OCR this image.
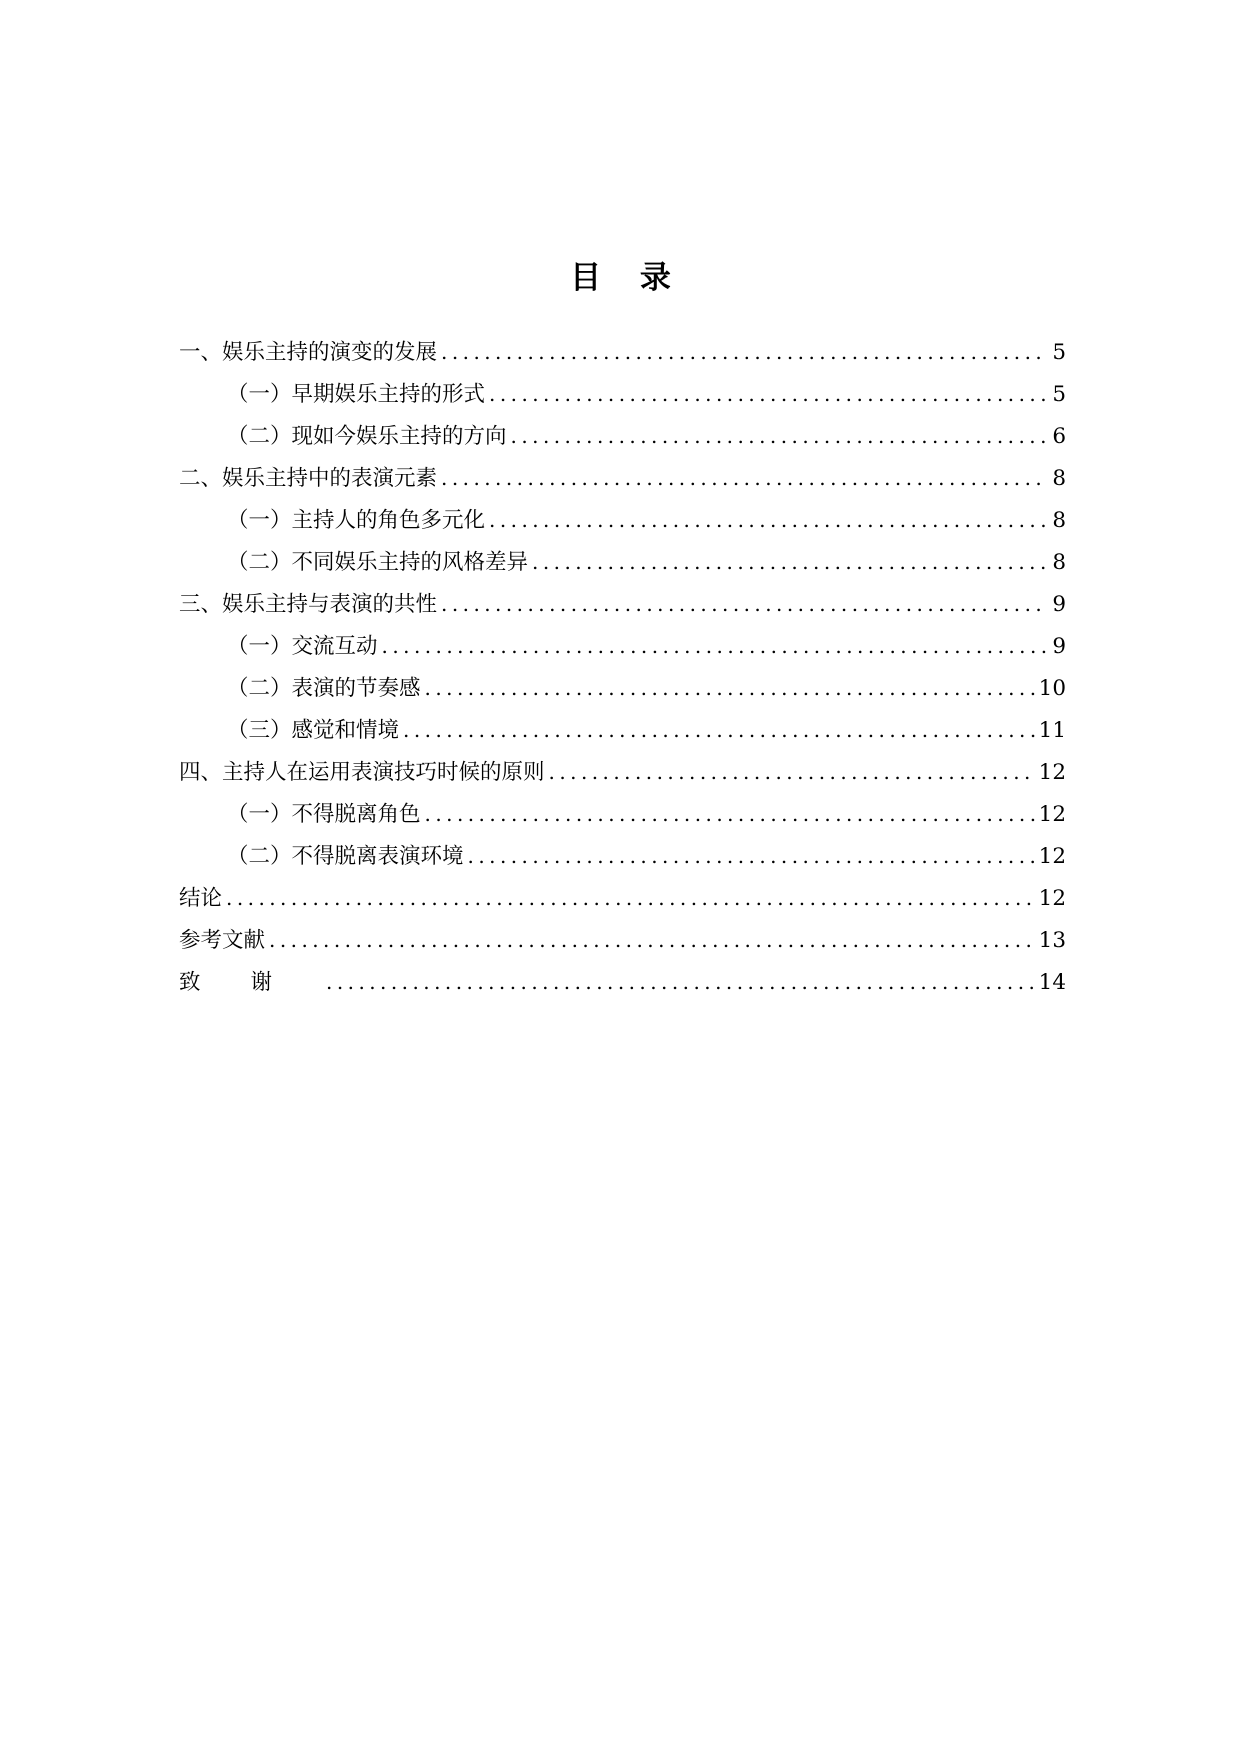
目 录
一、娱乐主持的演变的发展 .....	5
（一）早期娱乐主持的形式 .....	5
（二）现如今娱乐主持的方向 .....	6
二、娱乐主持中的表演元素 .....	8
（一）主持人的角色多元化 .....	8
（二）不同娱乐主持的风格差异 .....	8
三、娱乐主持与表演的共性 .....	9
（一）交流互动 .....	9
（二）表演的节奏感 .....	10
（三）感觉和情境 .....	11
四、主持人在运用表演技巧时候的原则 .....	12
（一）不得脱离角色 .....	12
（二）不得脱离表演环境 .....	12
结论 .....	12
参考文献 .....	13
致谢 .....	14
